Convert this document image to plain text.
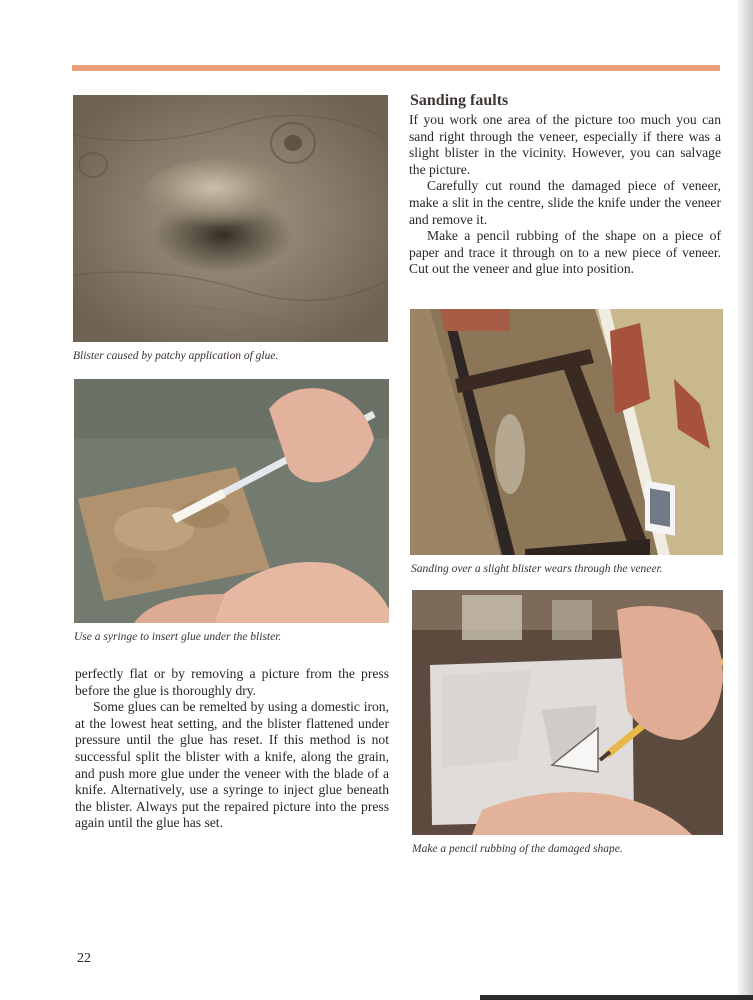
Blister caused by patchy application of glue.
Use a syringe to insert glue under the blister.

perfectly flat or by removing a picture from the press before the glue is thoroughly dry.

Some glues can be remelted by using a domestic iron, at the lowest heat setting, and the blister flattened under pressure until the glue has reset. If this method is not successful split the blister with a knife, along the grain, and push more glue under the veneer with the blade of a knife. Alternatively, use a syringe to inject glue beneath the blister. Always put the repaired picture into the press again until the glue has set.

Sanding faults

If you work one area of the picture too much you can sand right through the veneer, especially if there was a slight blister in the vicinity. However, you can salvage the picture.

Carefully cut round the damaged piece of veneer, make a slit in the centre, slide the knife under the veneer and remove it.

Make a pencil rubbing of the shape on a piece of paper and trace it through on to a new piece of veneer. Cut out the veneer and glue into position.

Sanding over a slight blister wears through the veneer.
Make a pencil rubbing of the damaged shape.
22
